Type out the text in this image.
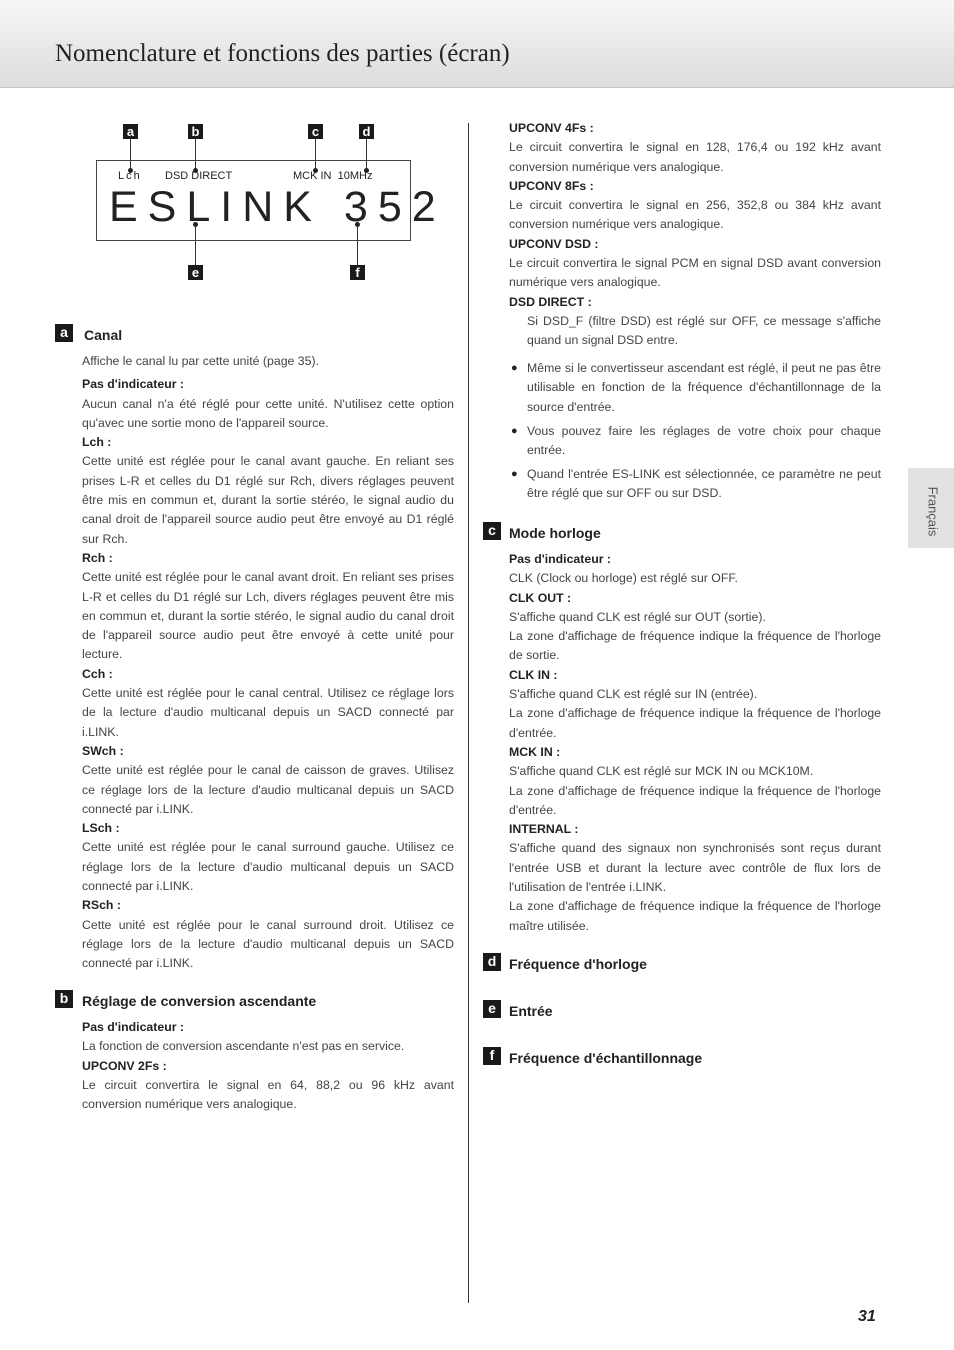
Nomenclature et fonctions des parties (écran)
Français
a	b	c	d
e	f
Lch DSD DIRECT	MCK IN  10MHz
ESLINK 352
a	Canal

Affiche le canal lu par cette unité (page 35).

Pas d'indicateur :

Aucun canal n'a été réglé pour cette unité. N'utilisez cette option qu'avec une sortie mono de l'appareil source.

Lch :

Cette unité est réglée pour le canal avant gauche. En reliant ses prises L-R et celles du D1 réglé sur Rch, divers réglages peuvent être mis en commun et, durant la sortie stéréo, le signal audio du canal droit de l'appareil source audio peut être envoyé au D1 réglé sur Rch.

Rch :

Cette unité est réglée pour le canal avant droit. En reliant ses prises L-R et celles du D1 réglé sur Lch, divers réglages peuvent être mis en commun et, durant la sortie stéréo, le signal audio du canal droit de l'appareil source audio peut être envoyé à cette unité pour lecture.

Cch :

Cette unité est réglée pour le canal central. Utilisez ce réglage lors de la lecture d'audio multicanal depuis un SACD connecté par i.LINK.

SWch :

Cette unité est réglée pour le canal de caisson de graves. Utilisez ce réglage lors de la lecture d'audio multicanal depuis un SACD connecté par i.LINK.

LSch :

Cette unité est réglée pour le canal surround gauche. Utilisez ce réglage lors de la lecture d'audio multicanal depuis un SACD connecté par i.LINK.

RSch :

Cette unité est réglée pour le canal surround droit. Utilisez ce réglage lors de la lecture d'audio multicanal depuis un SACD connecté par i.LINK.

b Réglage de conversion ascendante

Pas d'indicateur :

La fonction de conversion ascendante n'est pas en service.

UPCONV 2Fs :

Le circuit convertira le signal en 64, 88,2 ou 96 kHz avant conversion numérique vers analogique.

UPCONV 4Fs :

Le circuit convertira le signal en 128, 176,4 ou 192 kHz avant conversion numérique vers analogique.

UPCONV 8Fs :

Le circuit convertira le signal en 256, 352,8 ou 384 kHz avant conversion numérique vers analogique.

UPCONV DSD :

Le circuit convertira le signal PCM en signal DSD avant conversion numérique vers analogique.

DSD DIRECT :

Si DSD_F (filtre DSD) est réglé sur OFF, ce message s'affiche quand un signal DSD entre.

● Même si le convertisseur ascendant est réglé, il peut ne pas être utilisable en fonction de la fréquence d'échantillonnage de la source d'entrée.
● Vous pouvez faire les réglages de votre choix pour chaque entrée.
● Quand l'entrée ES-LINK est sélectionnée, ce paramètre ne peut être réglé que sur OFF ou sur DSD.
c Mode horloge

Pas d'indicateur :

CLK (Clock ou horloge) est réglé sur OFF.

CLK OUT :

S'affiche quand CLK est réglé sur OUT (sortie).

La zone d'affichage de fréquence indique la fréquence de l'horloge de sortie.

CLK IN :

S'affiche quand CLK est réglé sur IN (entrée).

La zone d'affichage de fréquence indique la fréquence de l'horloge d'entrée.

MCK IN :

S'affiche quand CLK est réglé sur MCK IN ou MCK10M.

La zone d'affichage de fréquence indique la fréquence de l'horloge d'entrée.

INTERNAL :

S'affiche quand des signaux non synchronisés sont reçus durant l'entrée USB et durant la lecture avec contrôle de flux lors de l'utilisation de l'entrée i.LINK.

La zone d'affichage de fréquence indique la fréquence de l'horloge maître utilisée.

d Fréquence d'horloge
e Entrée
f	Fréquence d'échantillonnage
31
